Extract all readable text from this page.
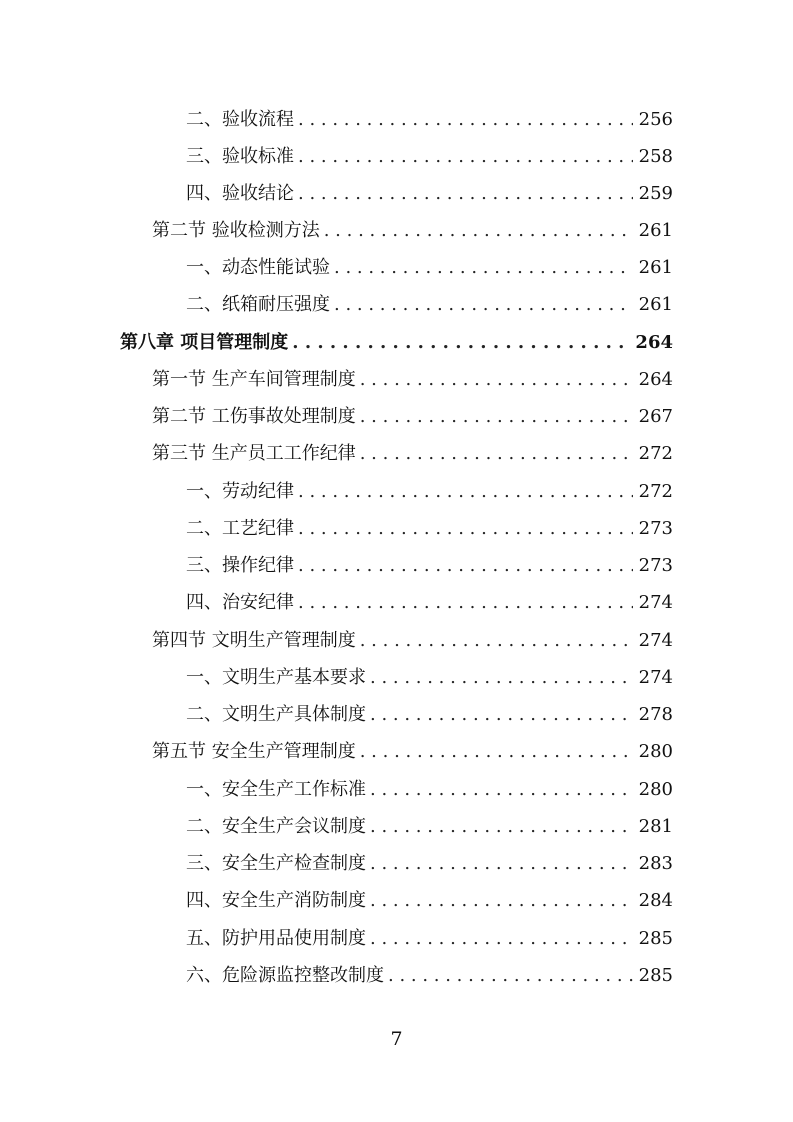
二、验收流程 . . .	256
三、验收标准 . . .	258
四、验收结论 . . .	259
第二节 验收检测方法 . . .	261
一、动态性能试验 . . .	261
二、纸箱耐压强度 . . .	261
第八章 项目管理制度 . . .	264
第一节 生产车间管理制度 . . .	264
第二节 工伤事故处理制度 . . .	267
第三节 生产员工工作纪律 . . .	272
一、劳动纪律 . . .	272
二、工艺纪律 . . .	273
三、操作纪律 . . .	273
四、治安纪律 . . .	274
第四节 文明生产管理制度 . . .	274
一、文明生产基本要求 . . .	274
二、文明生产具体制度 . . .	278
第五节 安全生产管理制度 . . .	280
一、安全生产工作标准 . . .	280
二、安全生产会议制度 . . .	281
三、安全生产检查制度 . . .	283
四、安全生产消防制度 . . .	284
五、防护用品使用制度 . . .	285
六、危险源监控整改制度 . . .	285
7
